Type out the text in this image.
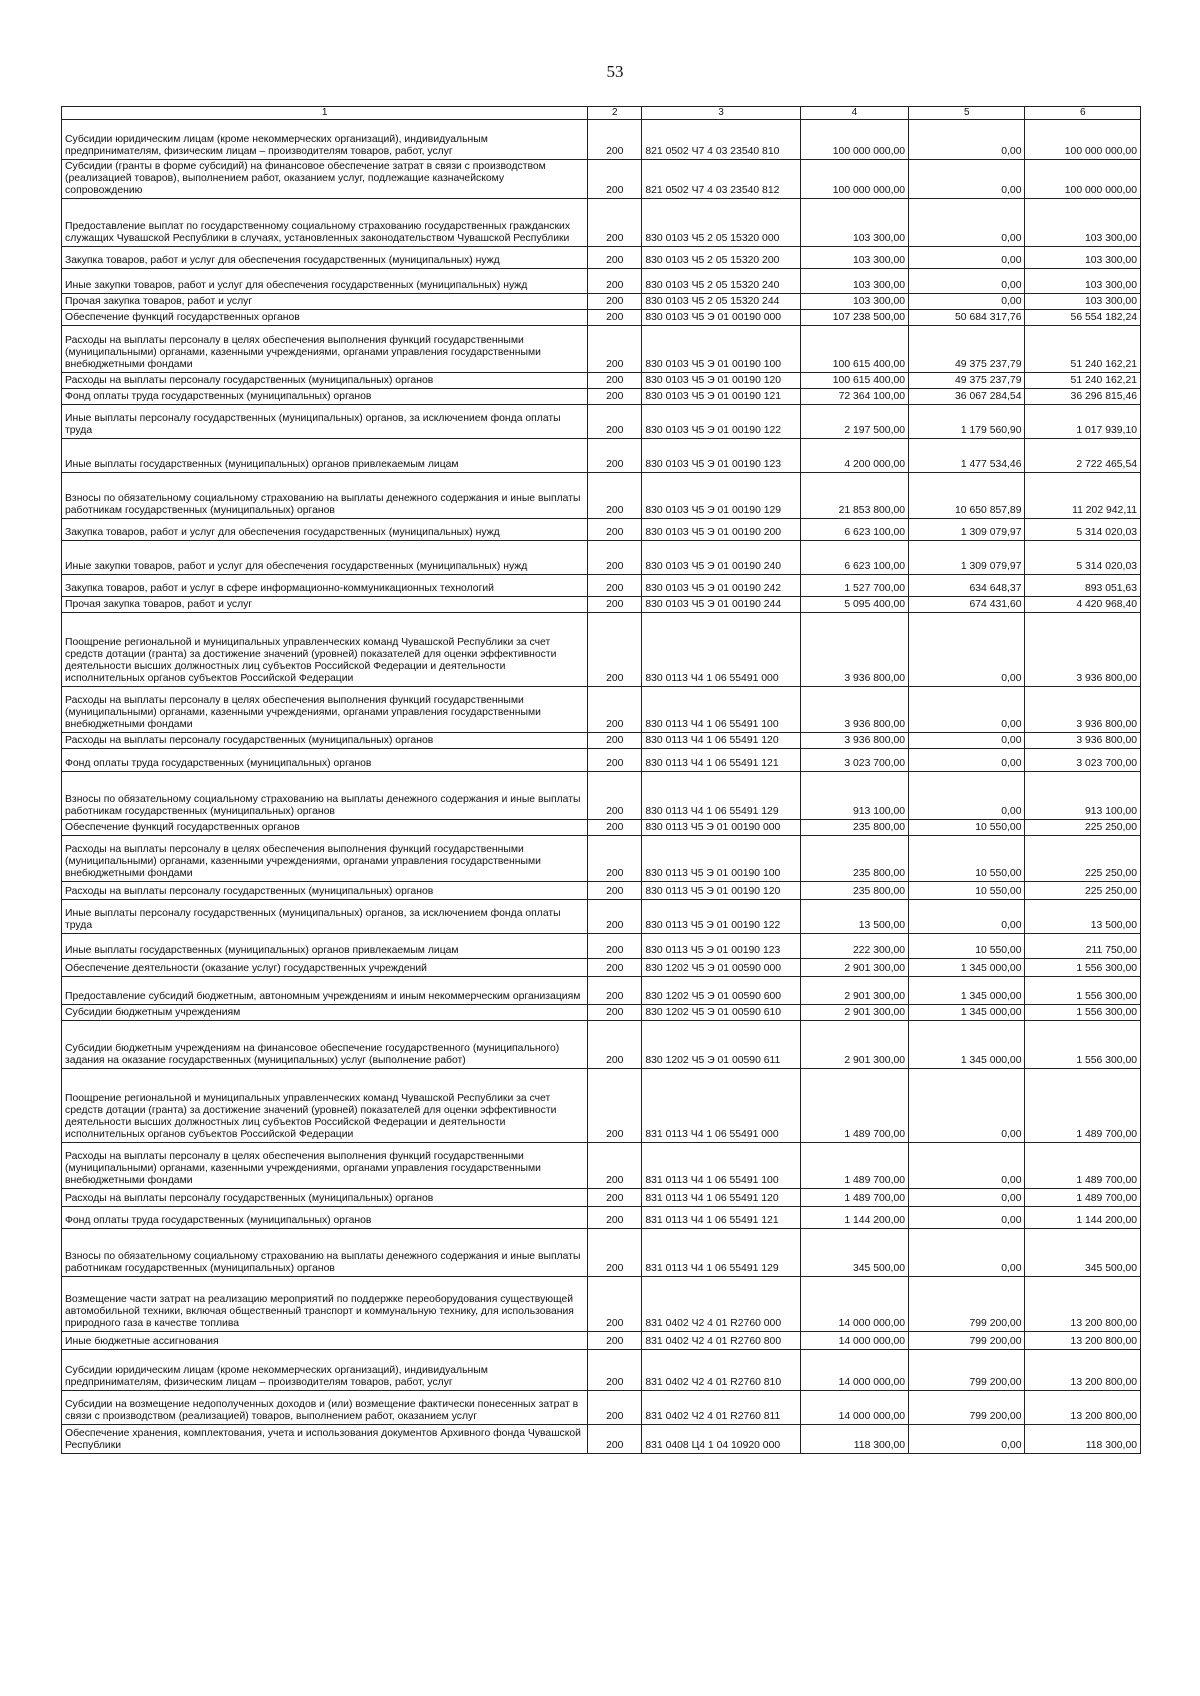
53
1	2	3	4	5	6
Субсидии юридическим лицам (кроме некоммерческих организаций), индивидуальным предпринимателям, физическим лицам – производителям товаров, работ, услуг	200	821 0502 Ч7 4 03 23540 810	100 000 000,00	0,00	100 000 000,00
Субсидии (гранты в форме субсидий) на финансовое обеспечение затрат в связи с производством (реализацией товаров), выполнением работ, оказанием услуг, подлежащие казначейскому сопровождению	200	821 0502 Ч7 4 03 23540 812	100 000 000,00	0,00	100 000 000,00
Предоставление выплат по государственному социальному страхованию государственных гражданских служащих Чувашской Республики в случаях, установленных законодательством Чувашской Республики	200	830 0103 Ч5 2 05 15320 000	103 300,00	0,00	103 300,00
Закупка товаров, работ и услуг для обеспечения государственных (муниципальных) нужд	200	830 0103 Ч5 2 05 15320 200	103 300,00	0,00	103 300,00
Иные закупки товаров, работ и услуг для обеспечения государственных (муниципальных) нужд	200	830 0103 Ч5 2 05 15320 240	103 300,00	0,00	103 300,00
Прочая закупка товаров, работ и услуг	200	830 0103 Ч5 2 05 15320 244	103 300,00	0,00	103 300,00
Обеспечение функций государственных органов	200	830 0103 Ч5 Э 01 00190 000	107 238 500,00	50 684 317,76	56 554 182,24
Расходы на выплаты персоналу в целях обеспечения выполнения функций государственными (муниципальными) органами, казенными учреждениями, органами управления государственными внебюджетными фондами	200	830 0103 Ч5 Э 01 00190 100	100 615 400,00	49 375 237,79	51 240 162,21
Расходы на выплаты персоналу государственных (муниципальных) органов	200	830 0103 Ч5 Э 01 00190 120	100 615 400,00	49 375 237,79	51 240 162,21
Фонд оплаты труда государственных (муниципальных) органов	200	830 0103 Ч5 Э 01 00190 121	72 364 100,00	36 067 284,54	36 296 815,46
Иные выплаты персоналу государственных (муниципальных) органов, за исключением фонда оплаты труда	200	830 0103 Ч5 Э 01 00190 122	2 197 500,00	1 179 560,90	1 017 939,10
Иные выплаты государственных (муниципальных) органов привлекаемым лицам	200	830 0103 Ч5 Э 01 00190 123	4 200 000,00	1 477 534,46	2 722 465,54
Взносы по обязательному социальному страхованию на выплаты денежного содержания и иные выплаты работникам государственных (муниципальных) органов	200	830 0103 Ч5 Э 01 00190 129	21 853 800,00	10 650 857,89	11 202 942,11
Закупка товаров, работ и услуг для обеспечения государственных (муниципальных) нужд	200	830 0103 Ч5 Э 01 00190 200	6 623 100,00	1 309 079,97	5 314 020,03
Иные закупки товаров, работ и услуг для обеспечения государственных (муниципальных) нужд	200	830 0103 Ч5 Э 01 00190 240	6 623 100,00	1 309 079,97	5 314 020,03
Закупка товаров, работ и услуг в сфере информационно-коммуникационных технологий	200	830 0103 Ч5 Э 01 00190 242	1 527 700,00	634 648,37	893 051,63
Прочая закупка товаров, работ и услуг	200	830 0103 Ч5 Э 01 00190 244	5 095 400,00	674 431,60	4 420 968,40
Поощрение региональной и муниципальных управленческих команд Чувашской Республики за счет средств дотации (гранта) за достижение значений (уровней) показателей для оценки эффективности деятельности высших должностных лиц субъектов Российской Федерации и деятельности исполнительных органов субъектов Российской Федерации	200	830 0113 Ч4 1 06 55491 000	3 936 800,00	0,00	3 936 800,00
Расходы на выплаты персоналу в целях обеспечения выполнения функций государственными (муниципальными) органами, казенными учреждениями, органами управления государственными внебюджетными фондами	200	830 0113 Ч4 1 06 55491 100	3 936 800,00	0,00	3 936 800,00
Расходы на выплаты персоналу государственных (муниципальных) органов	200	830 0113 Ч4 1 06 55491 120	3 936 800,00	0,00	3 936 800,00
Фонд оплаты труда государственных (муниципальных) органов	200	830 0113 Ч4 1 06 55491 121	3 023 700,00	0,00	3 023 700,00
Взносы по обязательному социальному страхованию на выплаты денежного содержания и иные выплаты работникам государственных (муниципальных) органов	200	830 0113 Ч4 1 06 55491 129	913 100,00	0,00	913 100,00
Обеспечение функций государственных органов	200	830 0113 Ч5 Э 01 00190 000	235 800,00	10 550,00	225 250,00
Расходы на выплаты персоналу в целях обеспечения выполнения функций государственными (муниципальными) органами, казенными учреждениями, органами управления государственными внебюджетными фондами	200	830 0113 Ч5 Э 01 00190 100	235 800,00	10 550,00	225 250,00
Расходы на выплаты персоналу государственных (муниципальных) органов	200	830 0113 Ч5 Э 01 00190 120	235 800,00	10 550,00	225 250,00
Иные выплаты персоналу государственных (муниципальных) органов, за исключением фонда оплаты труда	200	830 0113 Ч5 Э 01 00190 122	13 500,00	0,00	13 500,00
Иные выплаты государственных (муниципальных) органов привлекаемым лицам	200	830 0113 Ч5 Э 01 00190 123	222 300,00	10 550,00	211 750,00
Обеспечение деятельности (оказание услуг) государственных учреждений	200	830 1202 Ч5 Э 01 00590 000	2 901 300,00	1 345 000,00	1 556 300,00
Предоставление субсидий бюджетным, автономным учреждениям и иным некоммерческим организациям	200	830 1202 Ч5 Э 01 00590 600	2 901 300,00	1 345 000,00	1 556 300,00
Субсидии бюджетным учреждениям	200	830 1202 Ч5 Э 01 00590 610	2 901 300,00	1 345 000,00	1 556 300,00
Субсидии бюджетным учреждениям на финансовое обеспечение государственного (муниципального) задания на оказание государственных (муниципальных) услуг (выполнение работ)	200	830 1202 Ч5 Э 01 00590 611	2 901 300,00	1 345 000,00	1 556 300,00
Поощрение региональной и муниципальных управленческих команд Чувашской Республики за счет средств дотации (гранта) за достижение значений (уровней) показателей для оценки эффективности деятельности высших должностных лиц субъектов Российской Федерации и деятельности исполнительных органов субъектов Российской Федерации	200	831 0113 Ч4 1 06 55491 000	1 489 700,00	0,00	1 489 700,00
Расходы на выплаты персоналу в целях обеспечения выполнения функций государственными (муниципальными) органами, казенными учреждениями, органами управления государственными внебюджетными фондами	200	831 0113 Ч4 1 06 55491 100	1 489 700,00	0,00	1 489 700,00
Расходы на выплаты персоналу государственных (муниципальных) органов	200	831 0113 Ч4 1 06 55491 120	1 489 700,00	0,00	1 489 700,00
Фонд оплаты труда государственных (муниципальных) органов	200	831 0113 Ч4 1 06 55491 121	1 144 200,00	0,00	1 144 200,00
Взносы по обязательному социальному страхованию на выплаты денежного содержания и иные выплаты работникам государственных (муниципальных) органов	200	831 0113 Ч4 1 06 55491 129	345 500,00	0,00	345 500,00
Возмещение части затрат на реализацию мероприятий по поддержке переоборудования существующей автомобильной техники, включая общественный транспорт и коммунальную технику, для использования природного газа в качестве топлива	200	831 0402 Ч2 4 01 R2760 000	14 000 000,00	799 200,00	13 200 800,00
Иные бюджетные ассигнования	200	831 0402 Ч2 4 01 R2760 800	14 000 000,00	799 200,00	13 200 800,00
Субсидии юридическим лицам (кроме некоммерческих организаций), индивидуальным предпринимателям, физическим лицам – производителям товаров, работ, услуг	200	831 0402 Ч2 4 01 R2760 810	14 000 000,00	799 200,00	13 200 800,00
Субсидии на возмещение недополученных доходов и (или) возмещение фактически понесенных затрат в связи с производством (реализацией) товаров, выполнением работ, оказанием услуг	200	831 0402 Ч2 4 01 R2760 811	14 000 000,00	799 200,00	13 200 800,00
Обеспечение хранения, комплектования, учета и использования документов Архивного фонда Чувашской Республики	200	831 0408 Ц4 1 04 10920 000	118 300,00	0,00	118 300,00
